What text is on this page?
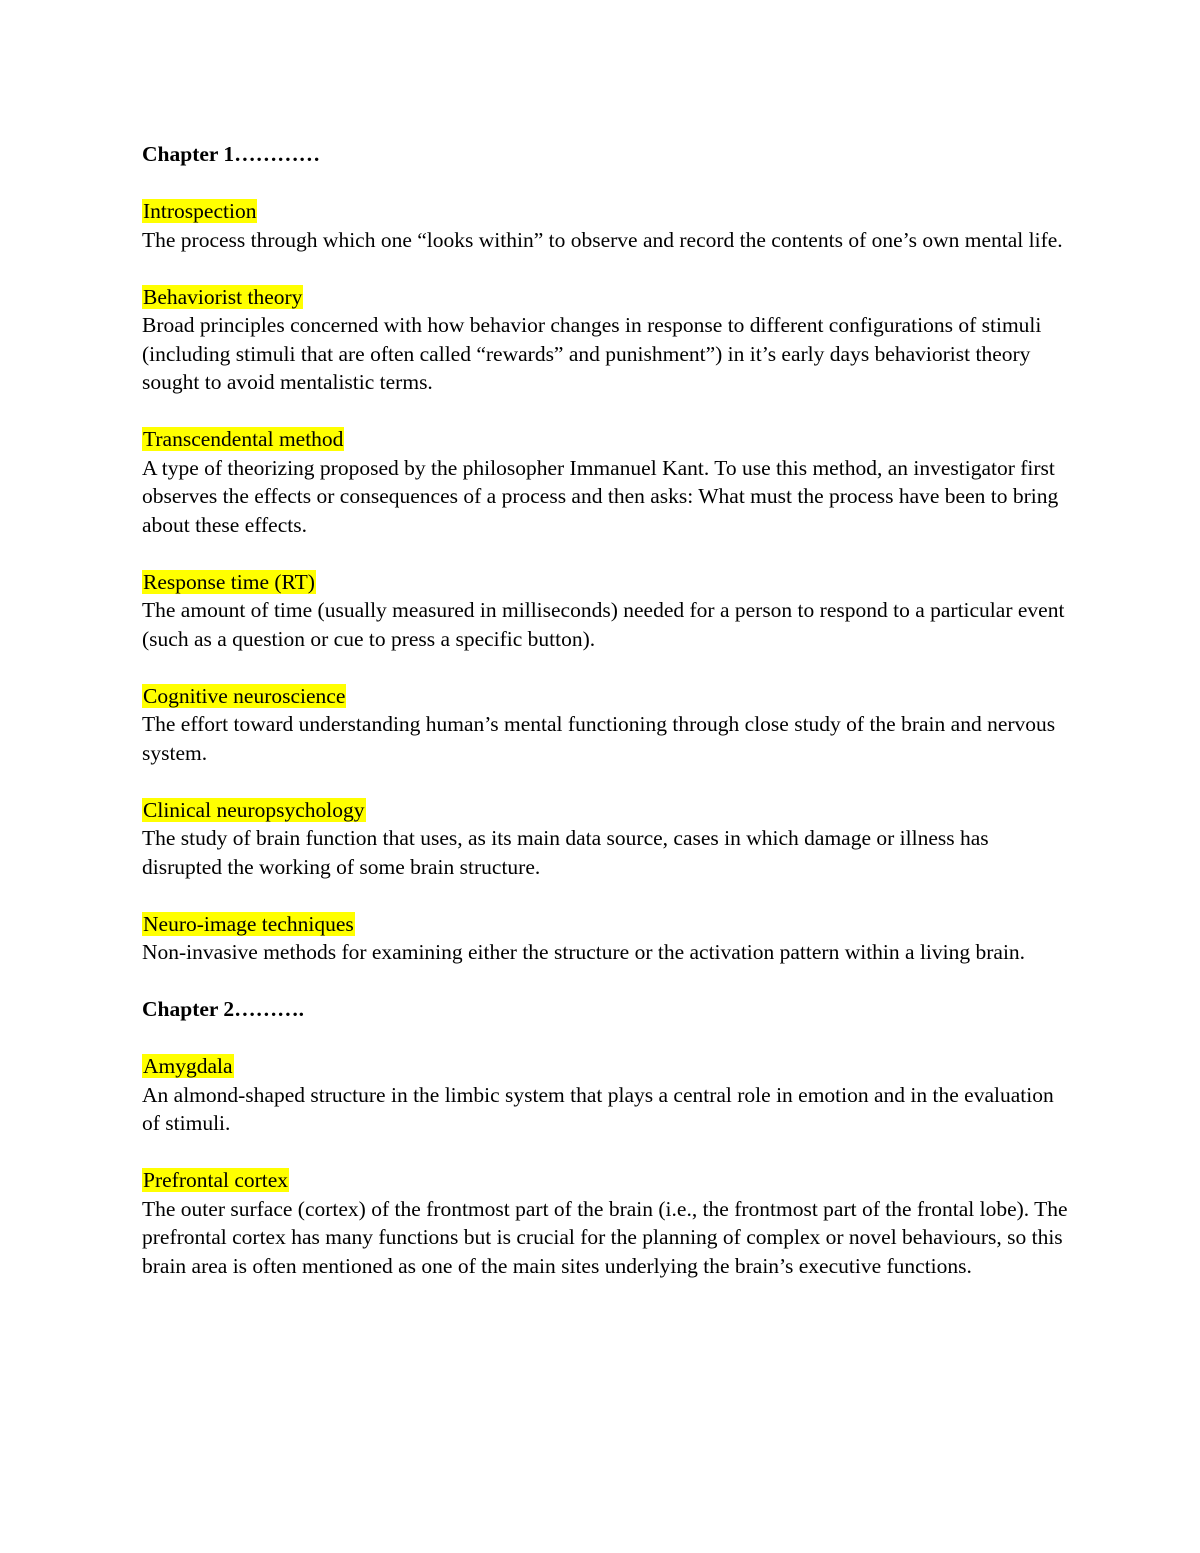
Chapter 1…………
Introspection

The process through which one “looks within” to observe and record the contents of one’s own mental life.

Behaviorist theory

Broad principles concerned with how behavior changes in response to different configurations of stimuli (including stimuli that are often called “rewards” and punishment”) in it’s early days behaviorist theory sought to avoid mentalistic terms.

Transcendental method

A type of theorizing proposed by the philosopher Immanuel Kant. To use this method, an investigator first observes the effects or consequences of a process and then asks: What must the process have been to bring about these effects.

Response time (RT)

The amount of time (usually measured in milliseconds) needed for a person to respond to a particular event (such as a question or cue to press a specific button).

Cognitive neuroscience

The effort toward understanding human’s mental functioning through close study of the brain and nervous system.

Clinical neuropsychology

The study of brain function that uses, as its main data source, cases in which damage or illness has disrupted the working of some brain structure.

Neuro-image techniques

Non-invasive methods for examining either the structure or the activation pattern within a living brain.

Chapter 2……….
Amygdala

An almond-shaped structure in the limbic system that plays a central role in emotion and in the evaluation of stimuli.

Prefrontal cortex

The outer surface (cortex) of the frontmost part of the brain (i.e., the frontmost part of the frontal lobe). The prefrontal cortex has many functions but is crucial for the planning of complex or novel behaviours, so this brain area is often mentioned as one of the main sites underlying the brain’s executive functions.
